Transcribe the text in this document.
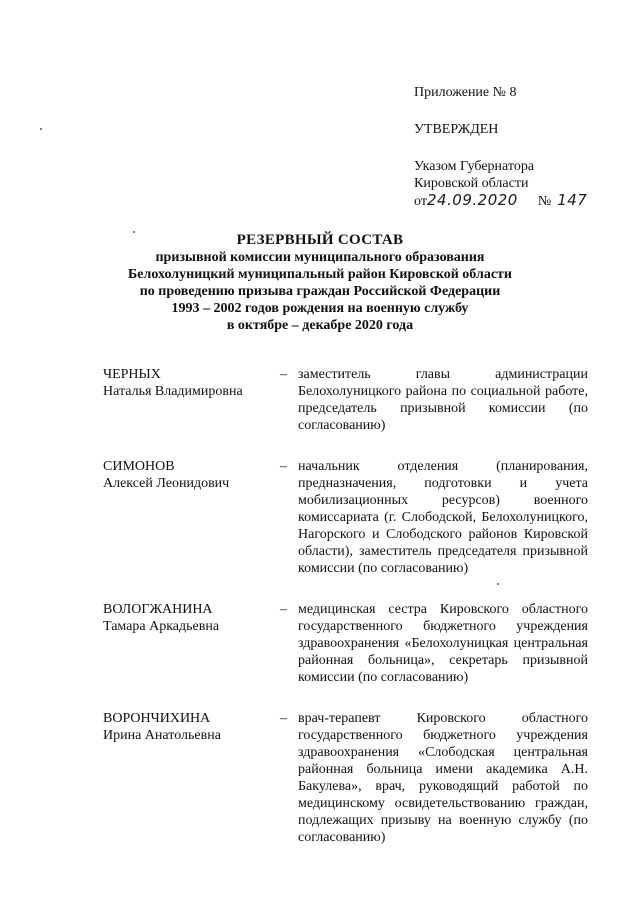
Приложение № 8
УТВЕРЖДЕН
Указом Губернатора
Кировской области
от 24.09.2020 № 147
РЕЗЕРВНЫЙ СОСТАВ
призывной комиссии муниципального образования
Белохолуницкий муниципальный район Кировской области
по проведению призыва граждан Российской Федерации
1993 – 2002 годов рождения на военную службу
в октябре – декабре 2020 года
ЧЕРНЫХ
Наталья Владимировна
– заместитель главы администрации Белохолуницкого района по социальной работе, председатель призывной комиссии (по согласованию)
СИМОНОВ
Алексей Леонидович
– начальник отделения (планирования, предназначения, подготовки и учета мобилизационных ресурсов) военного комиссариата (г. Слободской, Белохолуницкого, Нагорского и Слободского районов Кировской области), заместитель председателя призывной комиссии (по согласованию)
ВОЛОГЖАНИНА
Тамара Аркадьевна
– медицинская сестра Кировского областного государственного бюджетного учреждения здравоохранения «Белохолуницкая центральная районная больница», секретарь призывной комиссии (по согласованию)
ВОРОНЧИХИНА
Ирина Анатольевна
– врач-терапевт Кировского областного государственного бюджетного учреждения здравоохранения «Слободская центральная районная больница имени академика А.Н. Бакулева», врач, руководящий работой по медицинскому освидетельствованию граждан, подлежащих призыву на военную службу (по согласованию)
